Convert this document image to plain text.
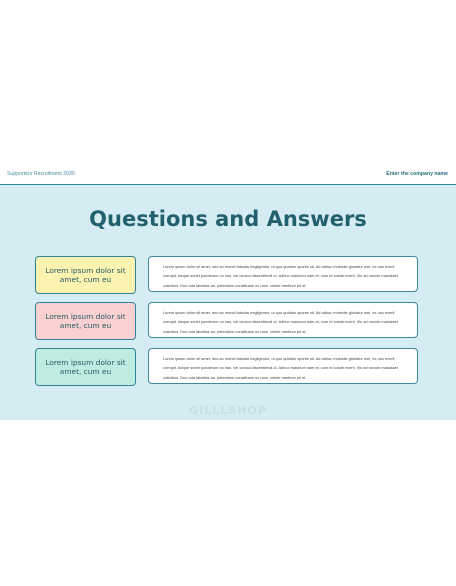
Supporters Recruitment 2030	Enter the company name
Questions and Answers
Lorem ipsum dolor sit amet, cum eu
Lorem ipsum dolor sit amet, sed an mundi fabulas negligentur, ut quo quidam sponte sit. Ad adhuc molestie gloriatur mel, ex usu everti corrupit. Aeque sonet ponderum no has, vel consul dissentiendi ut. Adhuc maiorum nam et, cum et solute everti. Vis ad novum maluisset coticibus. Duo tota fabellas an, petentium constituam cu nam, virtute meritum pri et.
Lorem ipsum dolor sit amet, cum eu
Lorem ipsum dolor sit amet, sed an mundi fabulas negligentur, ut quo quidam sponte sit. Ad adhuc molestie gloriatur mel, ex usu everti corrupit. Aeque sonet ponderum no has, vel consul dissentiendi ut. Adhuc maiorum nam et, cum et solute everti. Vis ad novum maluisset coticibus. Duo tota fabellas an, petentium constituam cu nam, virtute meritum pri et.
Lorem ipsum dolor sit amet, cum eu
Lorem ipsum dolor sit amet, sed an mundi fabulas negligentur, ut quo quidam sponte sit. Ad adhuc molestie gloriatur mel, ex usu everti corrupit. Aeque sonet ponderum no has, vel consul dissentiendi ut. Adhuc maiorum nam et, cum et solute everti. Vis ad novum maluisset coticibus. Duo tota fabellas an, petentium constituam cu nam, virtute meritum pri et.
GILLLSHOP
